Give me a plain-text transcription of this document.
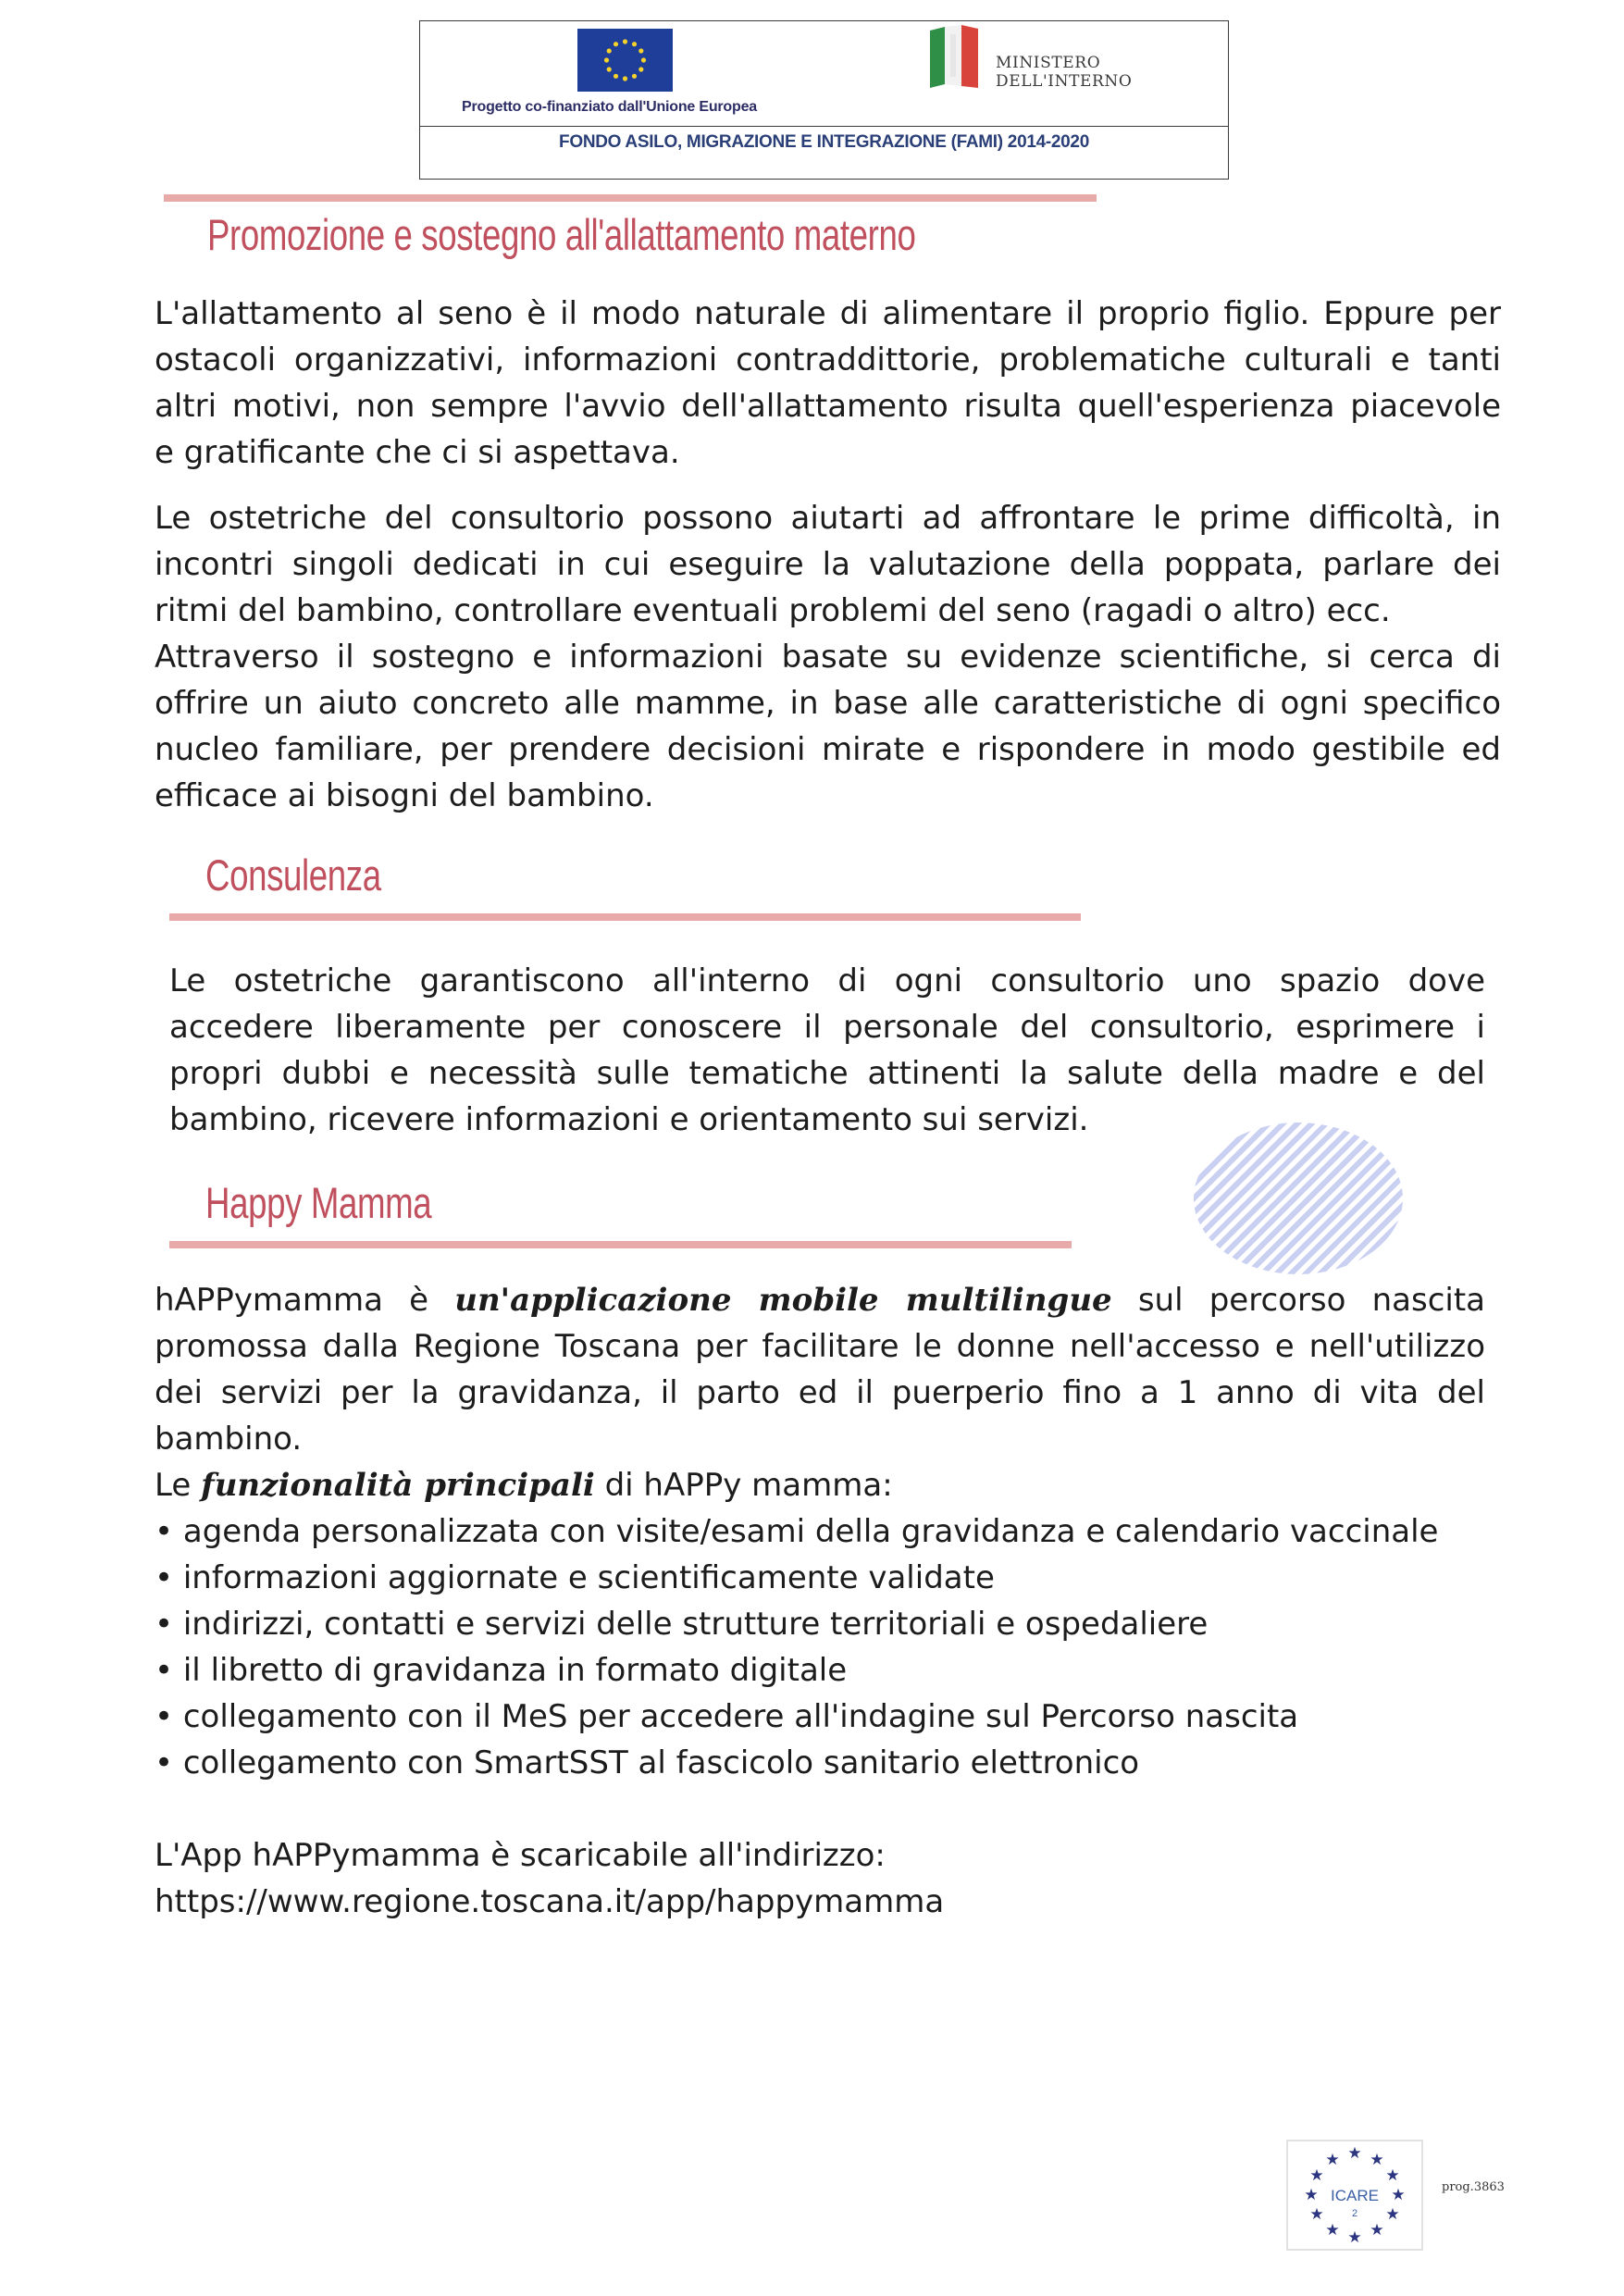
Progetto co-finanziato dall'Unione Europea
MINISTERO
DELL'INTERNO
FONDO ASILO, MIGRAZIONE E INTEGRAZIONE (FAMI) 2014-2020
Promozione e sostegno all'allattamento materno
L'allattamento al seno è il modo naturale di alimentare il proprio figlio. Eppure per
ostacoli organizzativi, informazioni contraddittorie, problematiche culturali e tanti
altri motivi, non sempre l'avvio dell'allattamento risulta quell'esperienza piacevole
e gratificante che ci si aspettava.
Le ostetriche del consultorio possono aiutarti ad affrontare le prime difficoltà, in
incontri singoli dedicati in cui eseguire la valutazione della poppata, parlare dei
ritmi del bambino, controllare eventuali problemi del seno (ragadi o altro) ecc.
Attraverso il sostegno e informazioni basate su evidenze scientifiche, si cerca di
offrire un aiuto concreto alle mamme, in base alle caratteristiche di ogni specifico
nucleo familiare, per prendere decisioni mirate e rispondere in modo gestibile ed
efficace ai bisogni del bambino.
Consulenza
Le ostetriche garantiscono all'interno di ogni consultorio uno spazio dove
accedere liberamente per conoscere il personale del consultorio, esprimere i
propri dubbi e necessità sulle tematiche attinenti la salute della madre e del
bambino, ricevere informazioni e orientamento sui servizi.
Happy Mamma
hAPPymamma è un'applicazione mobile multilingue sul percorso nascita
promossa dalla Regione Toscana per facilitare le donne nell'accesso e nell'utilizzo
dei servizi per la gravidanza, il parto ed il puerperio fino a 1 anno di vita del
bambino.
Le funzionalità principali di hAPPy mamma:
• agenda personalizzata con visite/esami della gravidanza e calendario vaccinale
• informazioni aggiornate e scientificamente validate
• indirizzi, contatti e servizi delle strutture territoriali e ospedaliere
• il libretto di gravidanza in formato digitale
• collegamento con il MeS per accedere all'indagine sul Percorso nascita
• collegamento con SmartSST al fascicolo sanitario elettronico

L'App hAPPymamma è scaricabile all'indirizzo:
https://www.regione.toscana.it/app/happymamma
★ ★
★
★
★
★
★
★
★
★
★
★
ICARE
2
prog.3863
